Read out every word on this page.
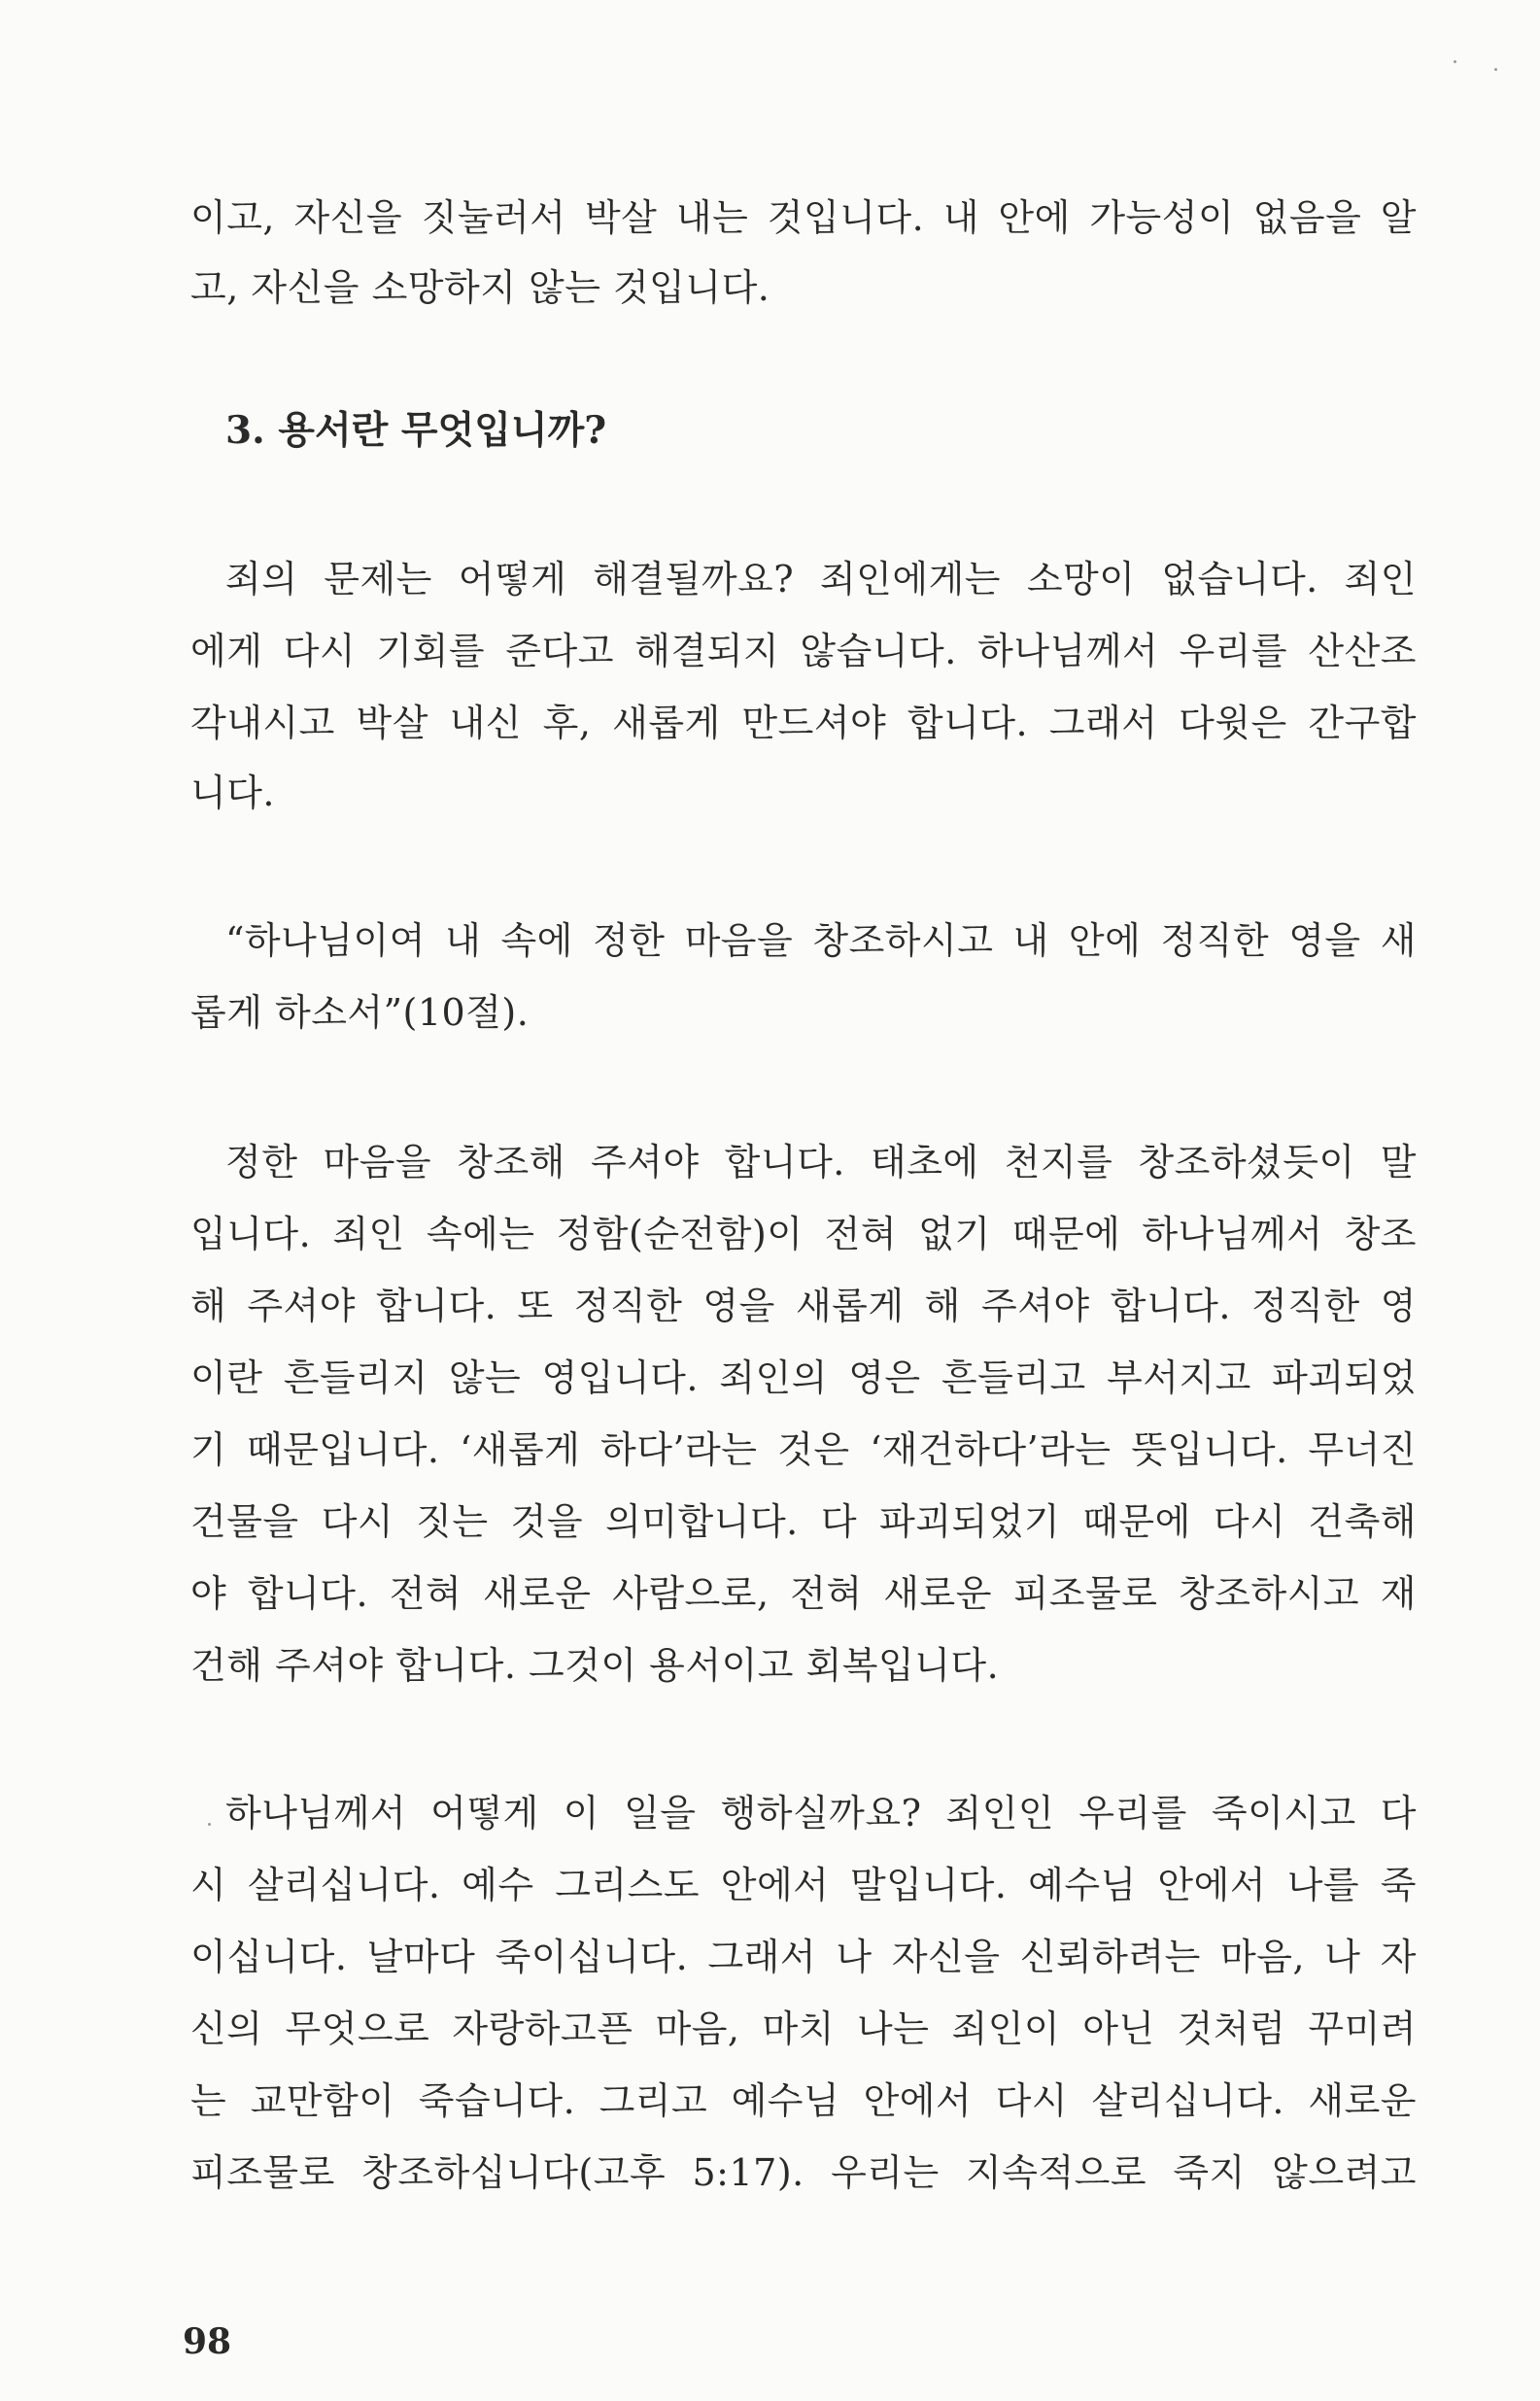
이고, 자신을 짓눌러서 박살 내는 것입니다. 내 안에 가능성이 없음을 알
고, 자신을 소망하지 않는 것입니다.
3. 용서란 무엇입니까?
죄의 문제는 어떻게 해결될까요? 죄인에게는 소망이 없습니다. 죄인
에게 다시 기회를 준다고 해결되지 않습니다. 하나님께서 우리를 산산조
각내시고 박살 내신 후, 새롭게 만드셔야 합니다. 그래서 다윗은 간구합
니다.
“하나님이여 내 속에 정한 마음을 창조하시고 내 안에 정직한 영을 새
롭게 하소서”(10절).
정한 마음을 창조해 주셔야 합니다. 태초에 천지를 창조하셨듯이 말
입니다. 죄인 속에는 정함(순전함)이 전혀 없기 때문에 하나님께서 창조
해 주셔야 합니다. 또 정직한 영을 새롭게 해 주셔야 합니다. 정직한 영
이란 흔들리지 않는 영입니다. 죄인의 영은 흔들리고 부서지고 파괴되었
기 때문입니다. ‘새롭게 하다’라는 것은 ‘재건하다’라는 뜻입니다. 무너진
건물을 다시 짓는 것을 의미합니다. 다 파괴되었기 때문에 다시 건축해
야 합니다. 전혀 새로운 사람으로, 전혀 새로운 피조물로 창조하시고 재
건해 주셔야 합니다. 그것이 용서이고 회복입니다.
하나님께서 어떻게 이 일을 행하실까요? 죄인인 우리를 죽이시고 다
시 살리십니다. 예수 그리스도 안에서 말입니다. 예수님 안에서 나를 죽
이십니다. 날마다 죽이십니다. 그래서 나 자신을 신뢰하려는 마음, 나 자
신의 무엇으로 자랑하고픈 마음, 마치 나는 죄인이 아닌 것처럼 꾸미려
는 교만함이 죽습니다. 그리고 예수님 안에서 다시 살리십니다. 새로운
피조물로 창조하십니다(고후 5:17). 우리는 지속적으로 죽지 않으려고
98
